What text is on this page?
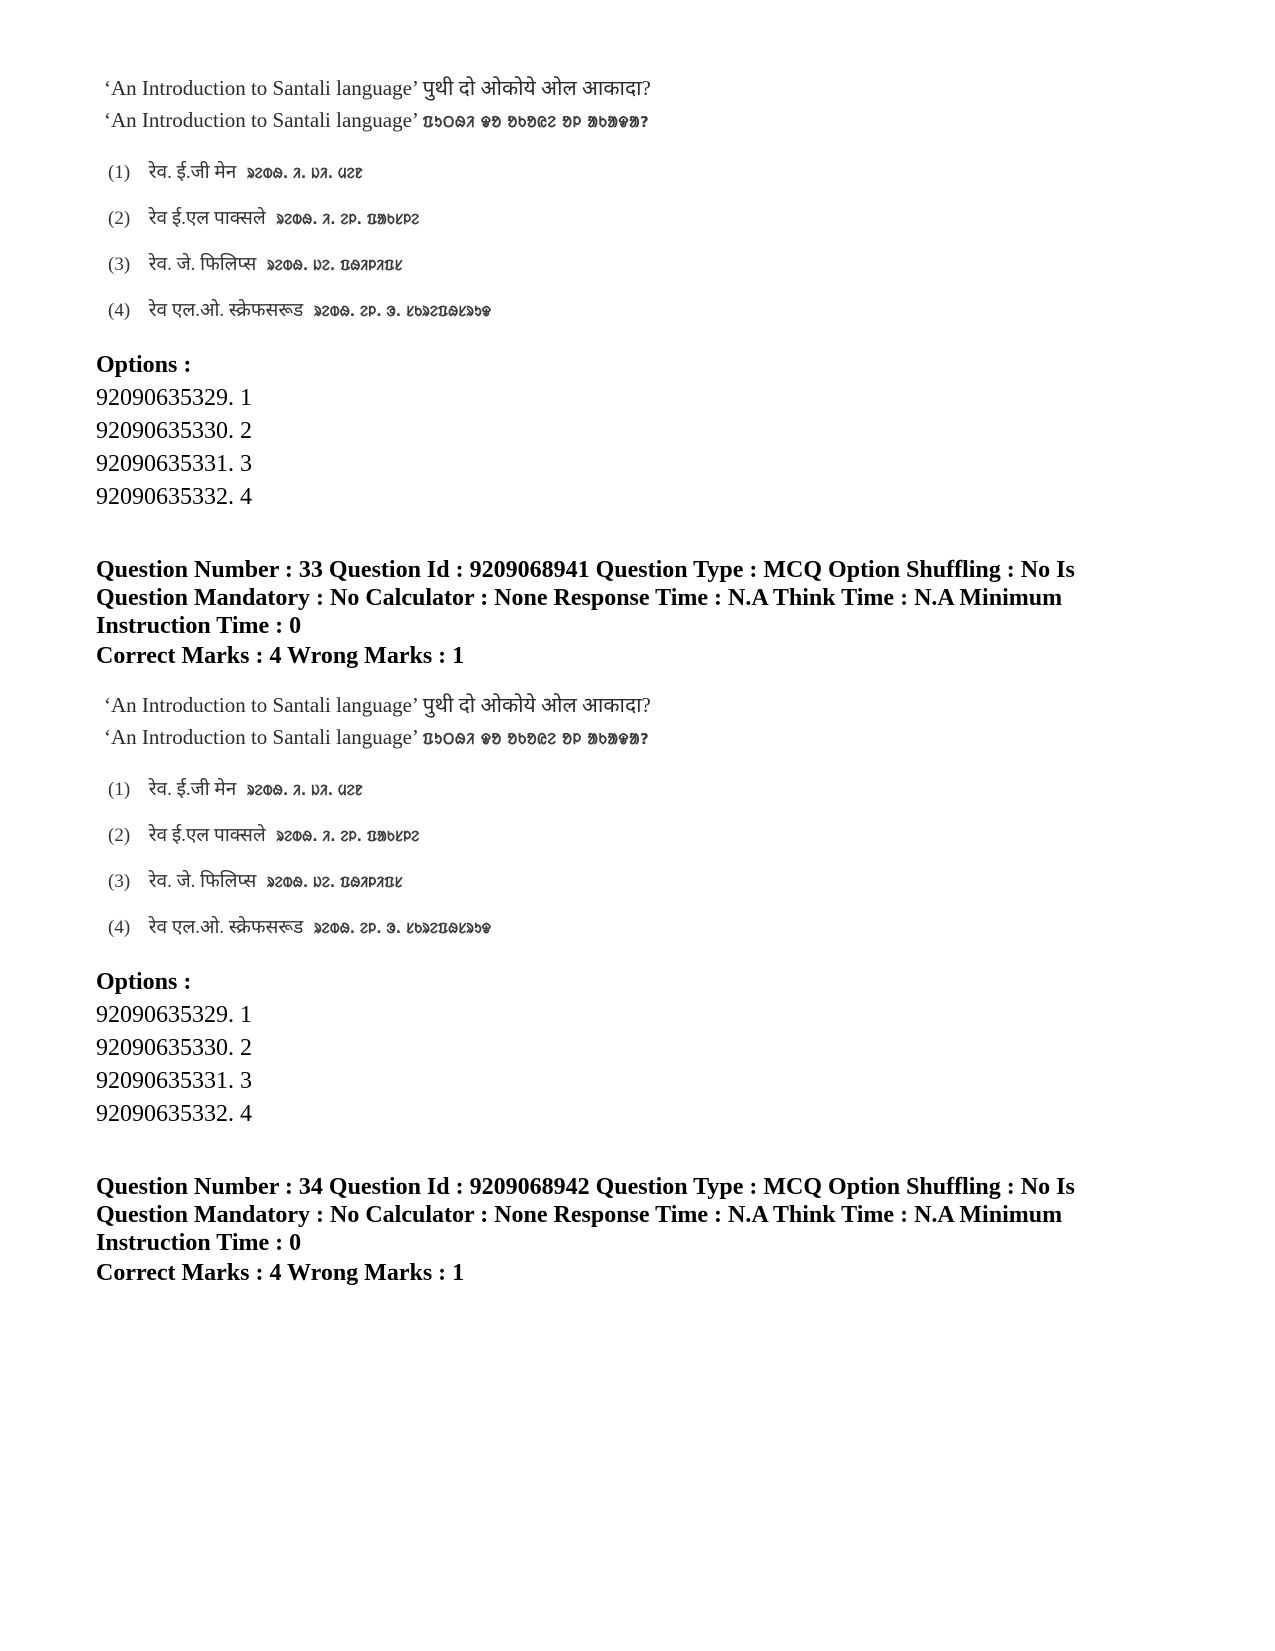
‘An Introduction to Santali language’ पुथी दो ओकोये ओल आकादा?
‘An Introduction to Santali language’ ᱯᱩᱛᱷᱤ ᱫᱚ ᱚᱠᱚᱭᱮ ᱚᱞ ᱟᱠᱟᱫᱟ?
(1) रेव. ई.जी मेन ᱨᱮᱵᱷ. ᱤ. ᱡᱤ. ᱢᱮᱱ
(2) रेव ई.एल पाक्सले ᱨᱮᱵᱷ. ᱤ. ᱮᱞ. ᱯᱟᱠᱥᱞᱮ
(3) रेव. जे. फिलिप्स ᱨᱮᱵᱷ. ᱡᱮ. ᱯᱷᱤᱞᱤᱯᱥ
(4) रेव एल.ओ. स्क्रेफसरूड ᱨᱮᱵᱷ. ᱮᱞ. ᱳ. ᱥᱠᱨᱮᱯᱷᱥᱨᱩᱫ
Options :
92090635329. 1
92090635330. 2
92090635331. 3
92090635332. 4
Question Number : 33 Question Id : 9209068941 Question Type : MCQ Option Shuffling : No Is
Question Mandatory : No Calculator : None Response Time : N.A Think Time : N.A Minimum
Instruction Time : 0
Correct Marks : 4 Wrong Marks : 1
‘An Introduction to Santali language’ पुथी दो ओकोये ओल आकादा?
‘An Introduction to Santali language’ ᱯᱩᱛᱷᱤ ᱫᱚ ᱚᱠᱚᱭᱮ ᱚᱞ ᱟᱠᱟᱫᱟ?
(1) रेव. ई.जी मेन ᱨᱮᱵᱷ. ᱤ. ᱡᱤ. ᱢᱮᱱ
(2) रेव ई.एल पाक्सले ᱨᱮᱵᱷ. ᱤ. ᱮᱞ. ᱯᱟᱠᱥᱞᱮ
(3) रेव. जे. फिलिप्स ᱨᱮᱵᱷ. ᱡᱮ. ᱯᱷᱤᱞᱤᱯᱥ
(4) रेव एल.ओ. स्क्रेफसरूड ᱨᱮᱵᱷ. ᱮᱞ. ᱳ. ᱥᱠᱨᱮᱯᱷᱥᱨᱩᱫ
Options :
92090635329. 1
92090635330. 2
92090635331. 3
92090635332. 4
Question Number : 34 Question Id : 9209068942 Question Type : MCQ Option Shuffling : No Is
Question Mandatory : No Calculator : None Response Time : N.A Think Time : N.A Minimum
Instruction Time : 0
Correct Marks : 4 Wrong Marks : 1
